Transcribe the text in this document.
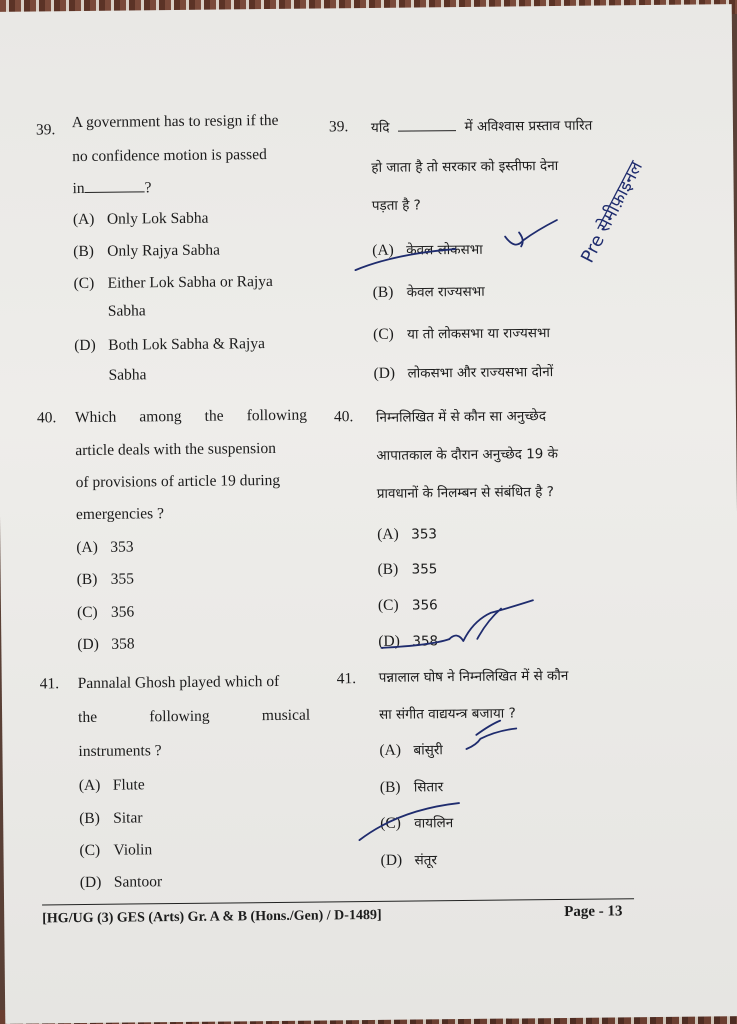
39. A government has to resign if the
no confidence motion is passed
in	?
(A) Only Lok Sabha
(B) Only Rajya Sabha
(C) Either Lok Sabha or Rajya
Sabha
(D) Both Lok Sabha & Rajya
Sabha
39. यदि	में अविश्वास प्रस्ताव पारित
हो जाता है तो सरकार को इस्तीफा देना
पड़ता है ?
(A) केवल लोकसभा
(B) केवल राज्यसभा
(C) या तो लोकसभा या राज्यसभा
(D) लोकसभा और राज्यसभा दोनों
40. Which among the following
article deals with the suspension
of provisions of article 19 during
emergencies ?
(A) 353
(B) 355
(C) 356
(D) 358
40. निम्नलिखित में से कौन सा अनुच्छेद
आपातकाल के दौरान अनुच्छेद 19 के
प्रावधानों के निलम्बन से संबंधित है ?
(A) 353
(B) 355
(C) 356
(D) 358
41. Pannalal Ghosh played which of
the	following	musical
instruments ?
(A) Flute
(B) Sitar
(C) Violin
(D) Santoor
41. पन्नालाल घोष ने निम्नलिखित में से कौन
सा संगीत वाद्ययन्त्र बजाया ?
(A) बांसुरी
(B) सितार
(C) वायलिन
(D) संतूर
[HG/UG (3) GES (Arts) Gr. A & B (Hons./Gen) / D-1489]	Page - 13
Pre सेमीफ़ाइनल
